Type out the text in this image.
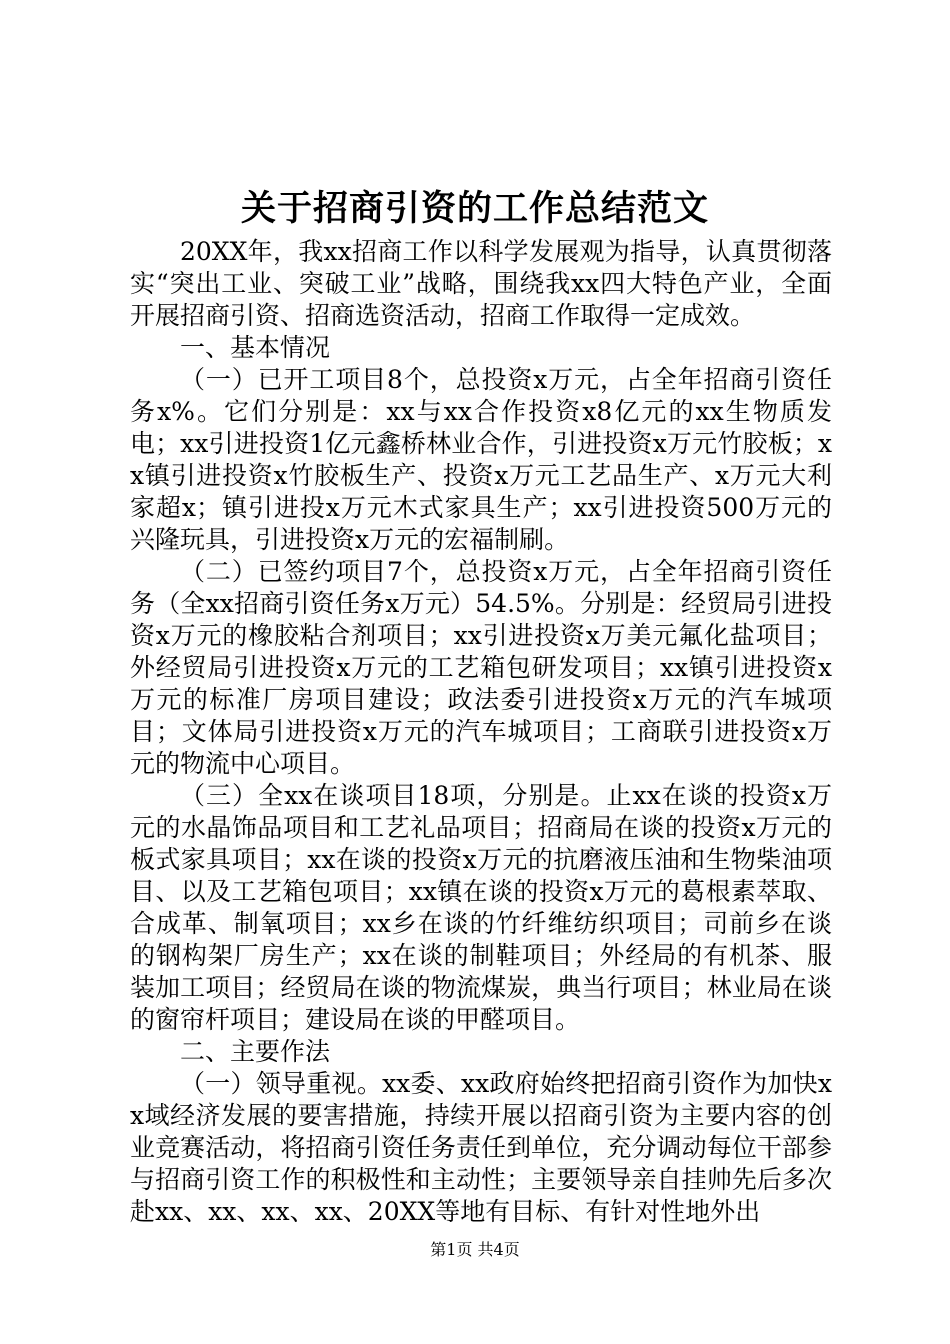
关于招商引资的工作总结范文

20XX年，我xx招商工作以科学发展观为指导，认真贯彻落实“突出工业、突破工业”战略，围绕我xx四大特色产业，全面开展招商引资、招商选资活动，招商工作取得一定成效。

一、基本情况

（一）已开工项目8个，总投资x万元，占全年招商引资任务x%。它们分别是：xx与xx合作投资x8亿元的xx生物质发电；xx引进投资1亿元鑫桥林业合作，引进投资x万元竹胶板；xx镇引进投资x竹胶板生产、投资x万元工艺品生产、x万元大利家超x；镇引进投x万元木式家具生产；xx引进投资500万元的兴隆玩具，引进投资x万元的宏福制刷。

（二）已签约项目7个，总投资x万元，占全年招商引资任务（全xx招商引资任务x万元）54.5%。分别是：经贸局引进投资x万元的橡胶粘合剂项目；xx引进投资x万美元氟化盐项目；外经贸局引进投资x万元的工艺箱包研发项目；xx镇引进投资x万元的标准厂房项目建设；政法委引进投资x万元的汽车城项目；文体局引进投资x万元的汽车城项目；工商联引进投资x万元的物流中心项目。

（三）全xx在谈项目18项，分别是。止xx在谈的投资x万元的水晶饰品项目和工艺礼品项目；招商局在谈的投资x万元的板式家具项目；xx在谈的投资x万元的抗磨液压油和生物柴油项目、以及工艺箱包项目；xx镇在谈的投资x万元的葛根素萃取、合成革、制氧项目；xx乡在谈的竹纤维纺织项目；司前乡在谈的钢构架厂房生产；xx在谈的制鞋项目；外经局的有机茶、服装加工项目；经贸局在谈的物流煤炭，典当行项目；林业局在谈的窗帘杆项目；建设局在谈的甲醛项目。

二、主要作法

（一）领导重视。xx委、xx政府始终把招商引资作为加快xx域经济发展的要害措施，持续开展以招商引资为主要内容的创业竞赛活动，将招商引资任务责任到单位，充分调动每位干部参与招商引资工作的积极性和主动性；主要领导亲自挂帅先后多次赴xx、xx、xx、xx、20XX等地有目标、有针对性地外出

第1页 共4页
